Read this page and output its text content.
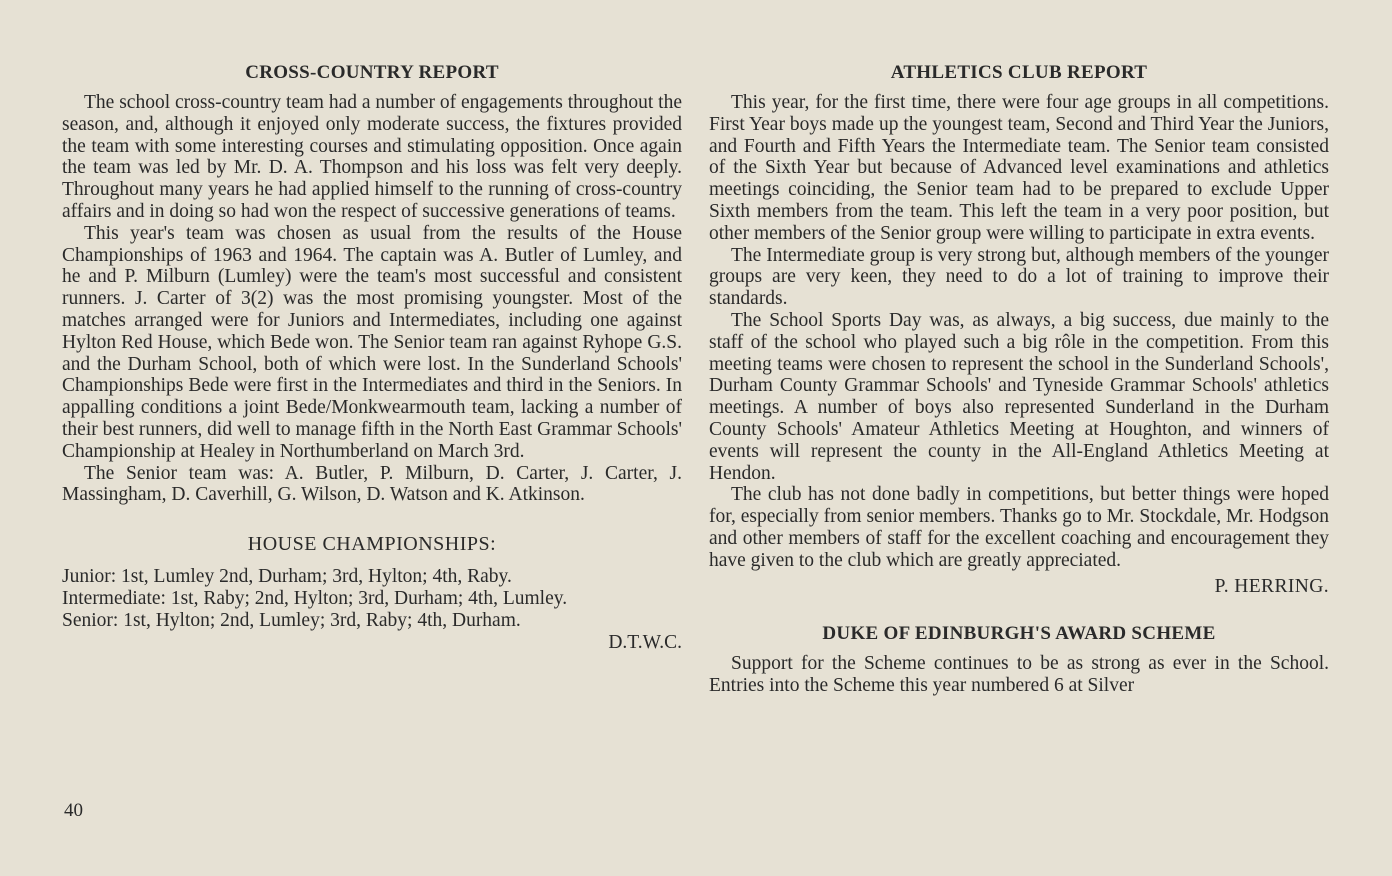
CROSS-COUNTRY REPORT

The school cross-country team had a number of engagements throughout the season, and, although it enjoyed only moderate success, the fixtures provided the team with some interesting courses and stimulating opposition. Once again the team was led by Mr. D. A. Thompson and his loss was felt very deeply. Throughout many years he had applied himself to the running of cross-country affairs and in doing so had won the respect of successive generations of teams.

This year's team was chosen as usual from the results of the House Championships of 1963 and 1964. The captain was A. Butler of Lumley, and he and P. Milburn (Lumley) were the team's most successful and consistent runners. J. Carter of 3(2) was the most promising youngster. Most of the matches arranged were for Juniors and Intermediates, including one against Hylton Red House, which Bede won. The Senior team ran against Ryhope G.S. and the Durham School, both of which were lost. In the Sunderland Schools' Championships Bede were first in the Intermediates and third in the Seniors. In appalling conditions a joint Bede/Monkwearmouth team, lacking a number of their best runners, did well to manage fifth in the North East Grammar Schools' Championship at Healey in Northumberland on March 3rd.

The Senior team was: A. Butler, P. Milburn, D. Carter, J. Carter, J. Massingham, D. Caverhill, G. Wilson, D. Watson and K. Atkinson.

HOUSE CHAMPIONSHIPS:

Junior: 1st, Lumley 2nd, Durham; 3rd, Hylton; 4th, Raby.

Intermediate: 1st, Raby; 2nd, Hylton; 3rd, Durham; 4th, Lumley.

Senior: 1st, Hylton; 2nd, Lumley; 3rd, Raby; 4th, Durham.

D.T.W.C.

ATHLETICS CLUB REPORT

This year, for the first time, there were four age groups in all competitions. First Year boys made up the youngest team, Second and Third Year the Juniors, and Fourth and Fifth Years the Intermediate team. The Senior team consisted of the Sixth Year but because of Advanced level examinations and athletics meetings coinciding, the Senior team had to be prepared to exclude Upper Sixth members from the team. This left the team in a very poor position, but other members of the Senior group were willing to participate in extra events.

The Intermediate group is very strong but, although members of the younger groups are very keen, they need to do a lot of training to improve their standards.

The School Sports Day was, as always, a big success, due mainly to the staff of the school who played such a big rôle in the competition. From this meeting teams were chosen to represent the school in the Sunderland Schools', Durham County Grammar Schools' and Tyneside Grammar Schools' athletics meetings. A number of boys also represented Sunderland in the Durham County Schools' Amateur Athletics Meeting at Houghton, and winners of events will represent the county in the All-England Athletics Meeting at Hendon.

The club has not done badly in competitions, but better things were hoped for, especially from senior members. Thanks go to Mr. Stockdale, Mr. Hodgson and other members of staff for the excellent coaching and encouragement they have given to the club which are greatly appreciated.

P. HERRING.

DUKE OF EDINBURGH'S AWARD SCHEME

Support for the Scheme continues to be as strong as ever in the School. Entries into the Scheme this year numbered 6 at Silver

40
